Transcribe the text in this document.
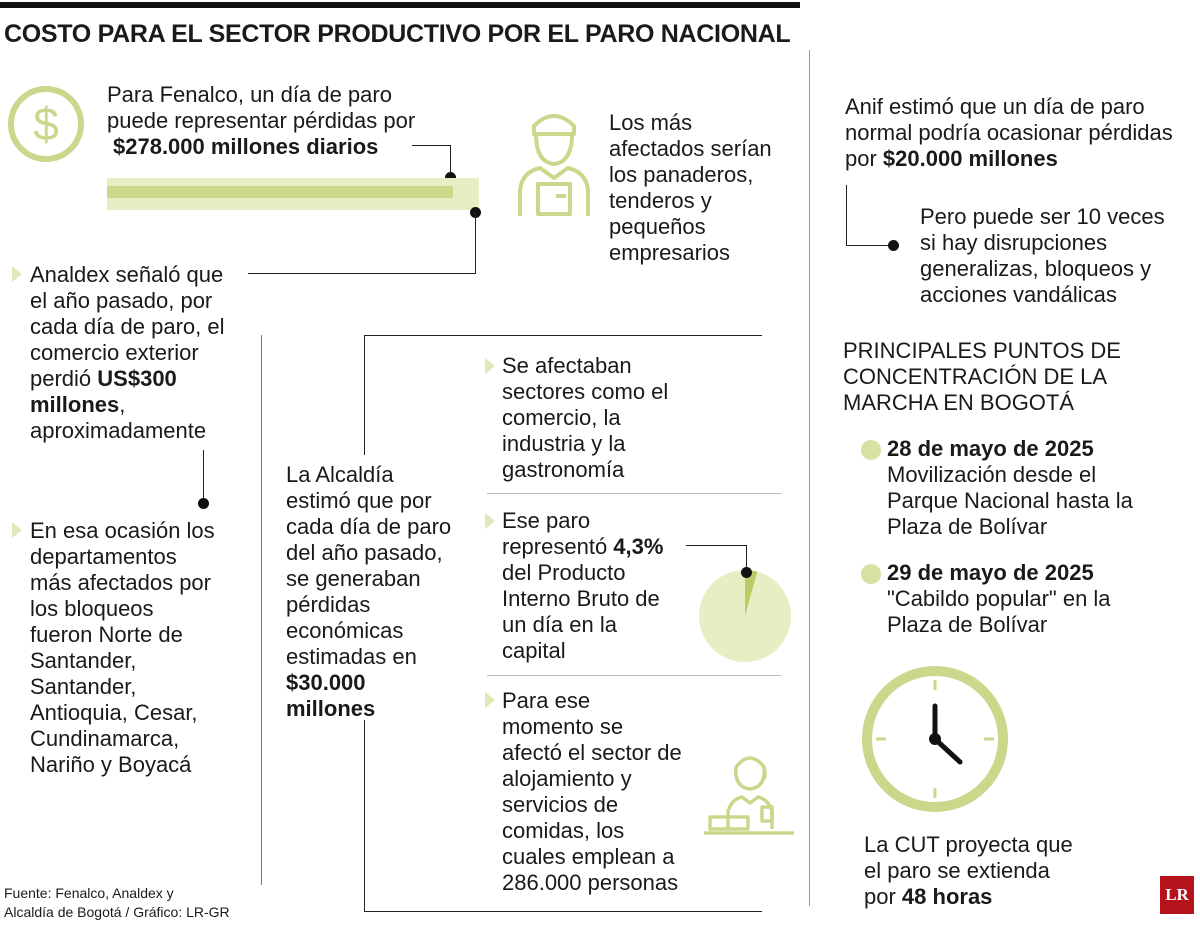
COSTO PARA EL SECTOR PRODUCTIVO POR EL PARO NACIONAL
$
Para Fenalco, un día de paro
puede representar pérdidas por
$278.000 millones diarios
Los más
afectados serían
los panaderos,
tenderos y
pequeños
empresarios
Anif estimó que un día de paro
normal podría ocasionar pérdidas
por $20.000 millones
Pero puede ser 10 veces
si hay disrupciones
generalizas, bloqueos y
acciones vandálicas
Analdex señaló que
el año pasado, por
cada día de paro, el
comercio exterior
perdió US$300
millones,
aproximadamente
En esa ocasión los
departamentos
más afectados por
los bloqueos
fueron Norte de
Santander,
Santander,
Antioquia, Cesar,
Cundinamarca,
Nariño y Boyacá
La Alcaldía
estimó que por
cada día de paro
del año pasado,
se generaban
pérdidas
económicas
estimadas en
$30.000
millones
Se afectaban
sectores como el
comercio, la
industria y la
gastronomía
Ese paro
representó 4,3%
del Producto
Interno Bruto de
un día en la
capital
Para ese
momento se
afectó el sector de
alojamiento y
servicios de
comidas, los
cuales emplean a
286.000 personas
PRINCIPALES PUNTOS DE
CONCENTRACIÓN DE LA
MARCHA EN BOGOTÁ
28 de mayo de 2025
Movilización desde el
Parque Nacional hasta la
Plaza de Bolívar
29 de mayo de 2025
"Cabildo popular" en la
Plaza de Bolívar
La CUT proyecta que
el paro se extienda
por 48 horas
Fuente: Fenalco, Analdex y
Alcaldía de Bogotá / Gráfico: LR-GR
LR
